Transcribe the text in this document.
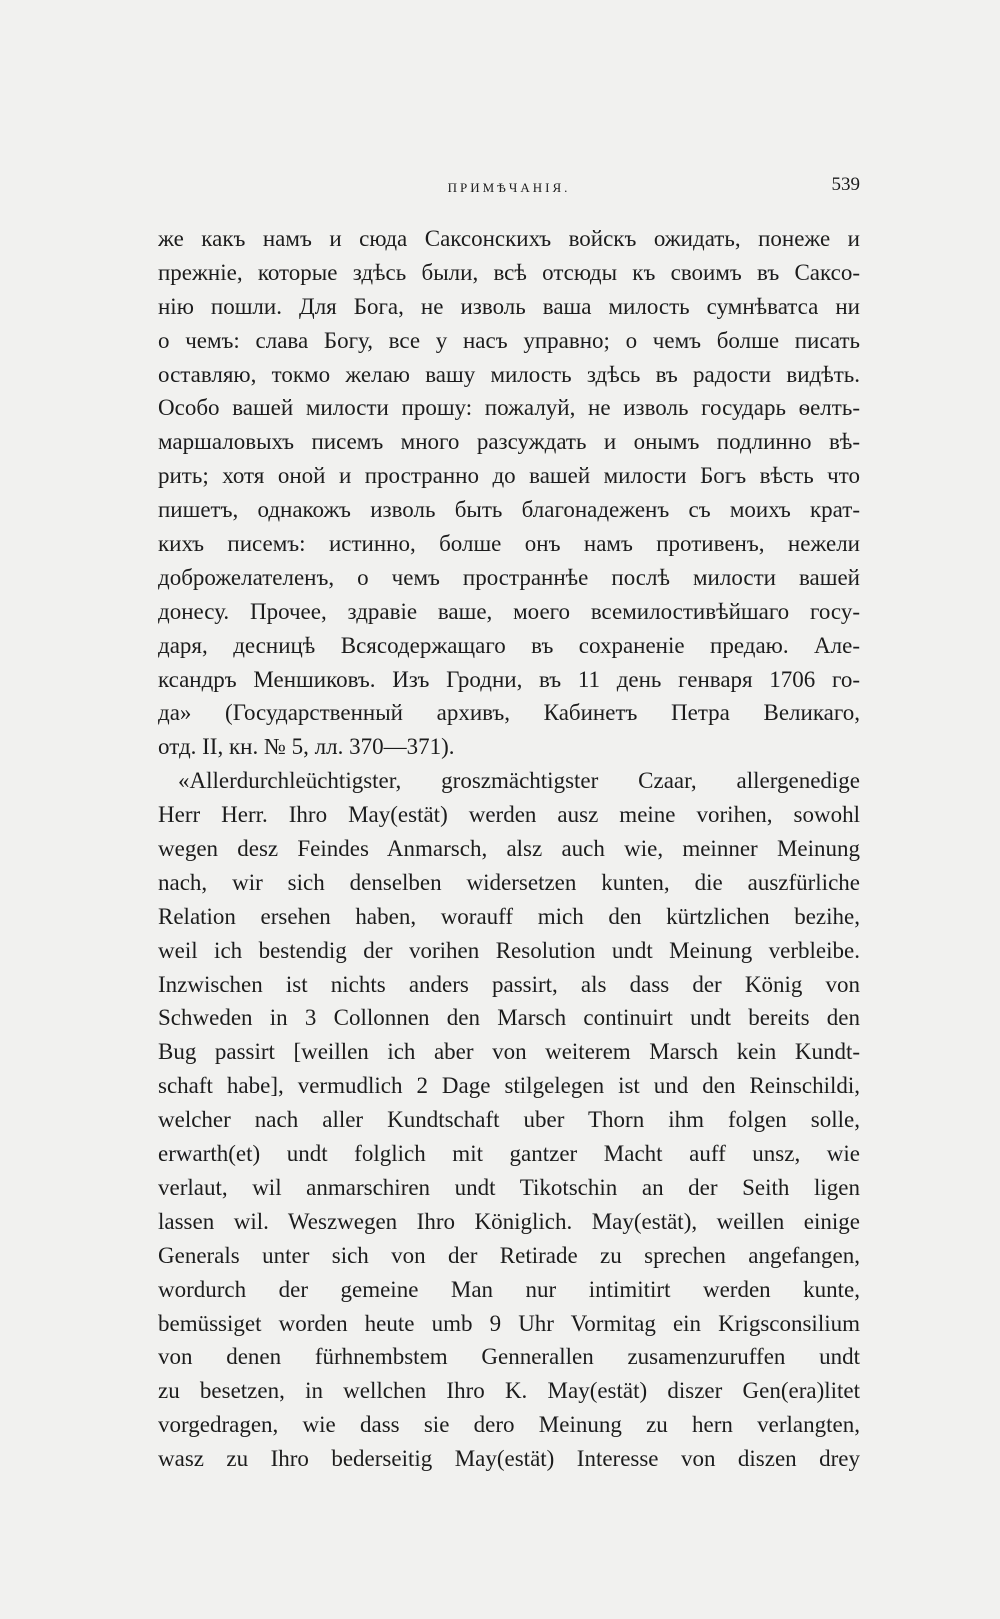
ПРИМѢЧАНІЯ.	539
же какъ намъ и сюда Саксонскихъ войскъ ожидать, понеже и
прежніе, которые здѣсь были, всѣ отсюды къ своимъ въ Саксо-
нію пошли. Для Бога, не изволь ваша милость сумнѣватса ни
о чемъ: слава Богу, все у насъ управно; о чемъ болше писать
оставляю, токмо желаю вашу милость здѣсь въ радости видѣть.
Особо вашей милости прошу: пожалуй, не изволь государь ѳелть-
маршаловыхъ писемъ много разсуждать и онымъ подлинно вѣ-
рить; хотя оной и пространно до вашей милости Богъ вѣсть что
пишетъ, однакожъ изволь быть благонадеженъ съ моихъ крат-
кихъ писемъ: истинно, болше онъ намъ противенъ, нежели
доброжелателенъ, о чемъ пространнѣе послѣ милости вашей
донесу. Прочее, здравіе ваше, моего всемилостивѣйшаго госу-
даря, десницѣ Всясодержащаго въ сохраненіе предаю. Але-
ксандръ Меншиковъ. Изъ Гродни, въ 11 день генваря 1706 го-
да» (Государственный архивъ, Кабинетъ Петра Великаго,
отд. II, кн. № 5, лл. 370—371).
«Allerdurchleüchtigster, groszmächtigster Czaar, allergenedige
Herr Herr. Ihro May(estät) werden ausz meine vorihen, sowohl
wegen desz Feindes Anmarsch, alsz auch wie, meinner Meinung
nach, wir sich denselben widersetzen kunten, die auszfürliche
Relation ersehen haben, worauff mich den kürtzlichen bezihe,
weil ich bestendig der vorihen Resolution undt Meinung verbleibe.
Inzwischen ist nichts anders passirt, als dass der König von
Schweden in 3 Collonnen den Marsch continuirt undt bereits den
Bug passirt [weillen ich aber von weiterem Marsch kein Kundt-
schaft habe], vermudlich 2 Dage stilgelegen ist und den Reinschildi,
welcher nach aller Kundtschaft uber Thorn ihm folgen solle,
erwarth(et) undt folglich mit gantzer Macht auff unsz, wie
verlaut, wil anmarschiren undt Tikotschin an der Seith ligen
lassen wil. Weszwegen Ihro Königlich. May(estät), weillen einige
Generals unter sich von der Retirade zu sprechen angefangen,
wordurch der gemeine Man nur intimitirt werden kunte,
bemüssiget worden heute umb 9 Uhr Vormitag ein Krigsconsilium
von denen fürhnembstem Gennerallen zusamenzuruffen undt
zu besetzen, in wellchen Ihro K. May(estät) diszer Gen(era)litet
vorgedragen, wie dass sie dero Meinung zu hern verlangten,
wasz zu Ihro bederseitig May(estät) Interesse von diszen drey
